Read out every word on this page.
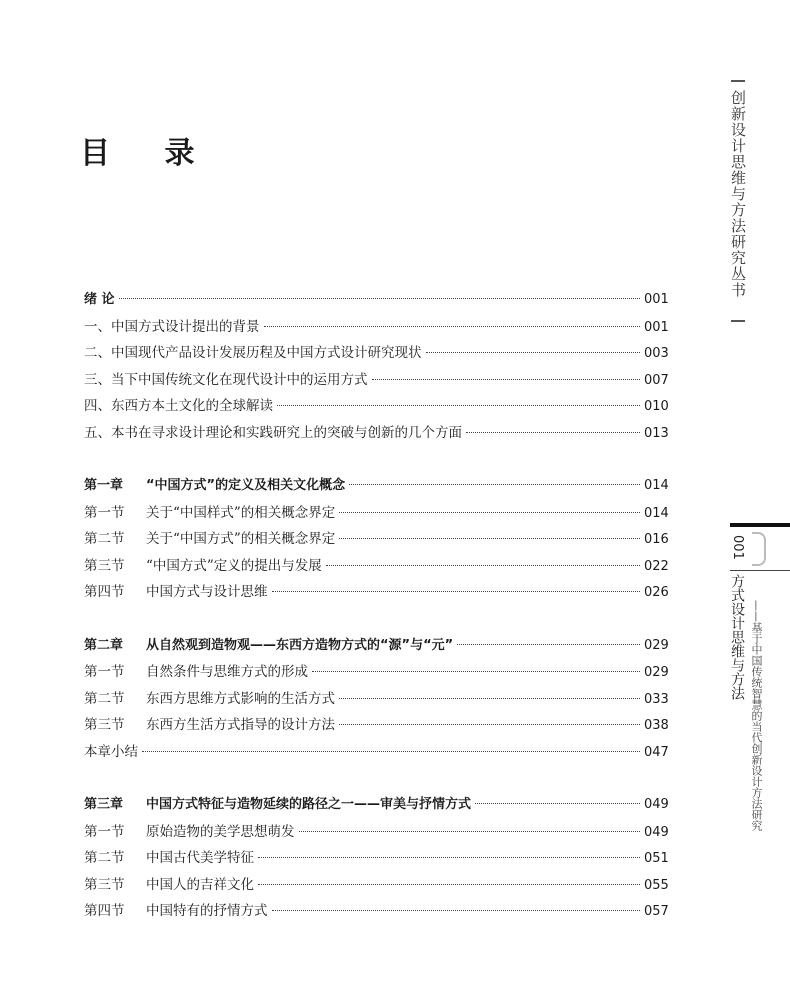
目 录	创新设计思维与方法研究丛书
绪 论	001
一、中国方式设计提出的背景	001
二、中国现代产品设计发展历程及中国方式设计研究现状	003
三、当下中国传统文化在现代设计中的运用方式	007
四、东西方本土文化的全球解读	010
五、本书在寻求设计理论和实践研究上的突破与创新的几个方面	013
第一章	“中国方式”的定义及相关文化概念	014
第一节	关于“中国样式”的相关概念界定	014
第二节	关于“中国方式”的相关概念界定	016
第三节	“中国方式”定义的提出与发展	022
第四节	中国方式与设计思维	026
第二章	从自然观到造物观——东西方造物方式的“源”与“元”	029
第一节	自然条件与思维方式的形成	029
第二节	东西方思维方式影响的生活方式	033
第三节	东西方生活方式指导的设计方法	038
本章小结	047
第三章	中国方式特征与造物延续的路径之一——审美与抒情方式	049
第一节	原始造物的美学思想萌发	049
第二节	中国古代美学特征	051
第三节	中国人的吉祥文化	055
第四节	中国特有的抒情方式	057
001
方式设计思维与方法 ——基于中国传统智慧的当代创新设计方法研究
